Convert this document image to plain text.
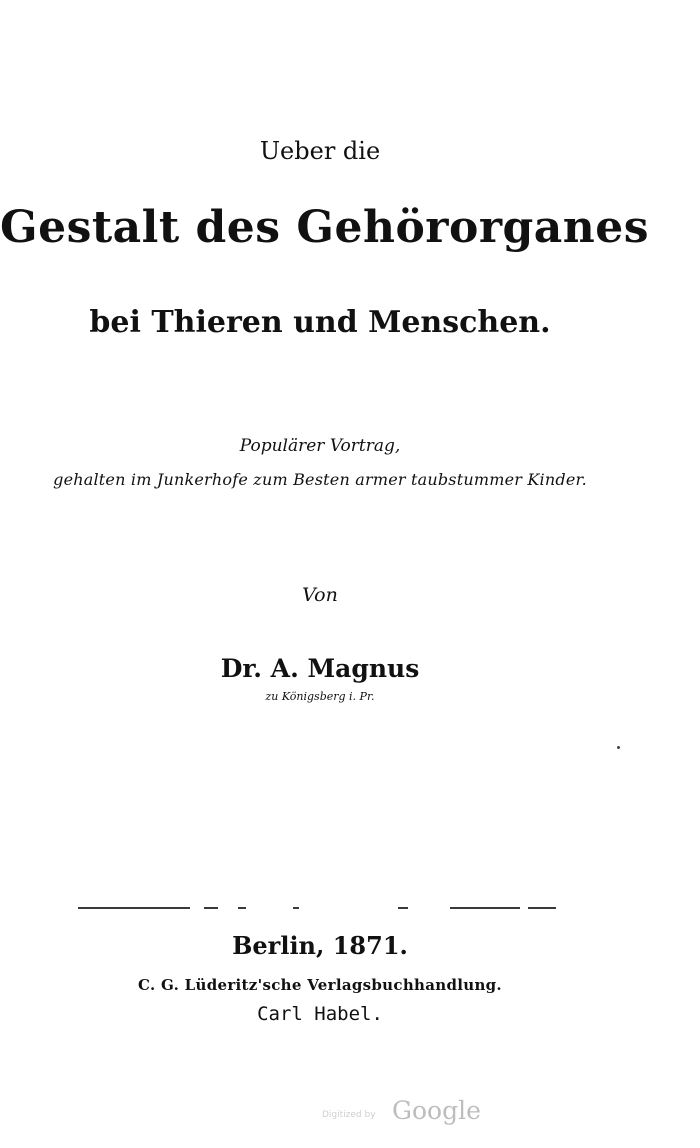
Ueber die
Gestalt des Gehörorganes
bei Thieren und Menschen.
Populärer Vortrag,
gehalten im Junkerhofe zum Besten armer taubstummer Kinder.
Von
Dr. A. Magnus
zu Königsberg i. Pr.
Berlin, 1871.
C. G. Lüderitz'sche Verlagsbuchhandlung.
Carl Habel.
Digitized by Google
